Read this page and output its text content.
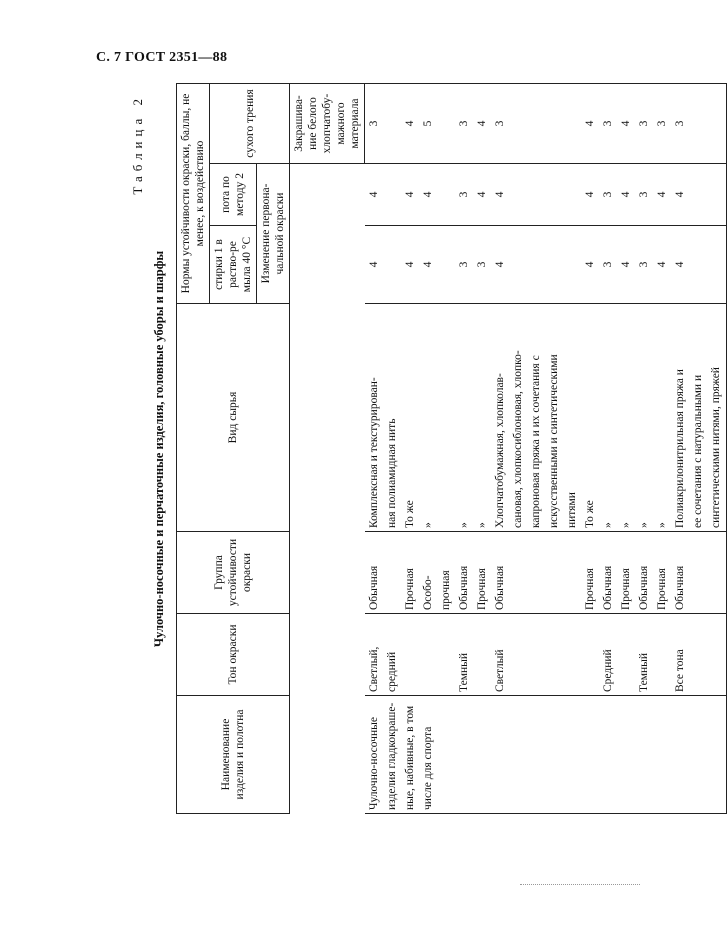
С. 7 ГОСТ 2351—88
Таблица 2
Чулочно-носочные и перчаточные изделия, головные уборы и шарфы
Наименование изделия и полотна	Тон окраски	Группа устойчивости окраски	Вид сырья	Нормы устойчивости окраски, баллы, не менее, к воздействию		
				стирки 1 в раство-ре мыла 40 °С	пота по методу 2	сухого трения
				Изменение первона-чальной окраски		
						Закрашива-ние белого хлопчатобу-мажного материала

Чулочно-носочные	Светлый,	Обычная	Комплексная и текстурирован-	4	4	3

изделия гладкокраше-	средний		ная полиамидная нить			

ные, набивные, в том		Прочная	То же	4	4	4

числе для спорта		Особо-	»	4	4	5

		прочная				

	Темный	Обычная	»	3	3	3

		Прочная	»	3	4	4

	Светлый	Обычная	Хлопчатобумажная, хлопколав-	4	4	3

			сановая, хлопкосиблоновая, хлопко-			

			капроновая пряжа и их сочетания с			

			искусственными и синтетическими			

			нитями			

		Прочная	То же	4	4	4

	Средний	Обычная	»	3	3	3

		Прочная	»	4	4	4

	Темный	Обычная	»	3	3	3

		Прочная	»	4	4	3

	Все тона	Обычная	Полиакрилонитрильная пряжа и	4	4	3

			ее сочетания с натуральными и			

			синтетическими нитями, пряжей			
